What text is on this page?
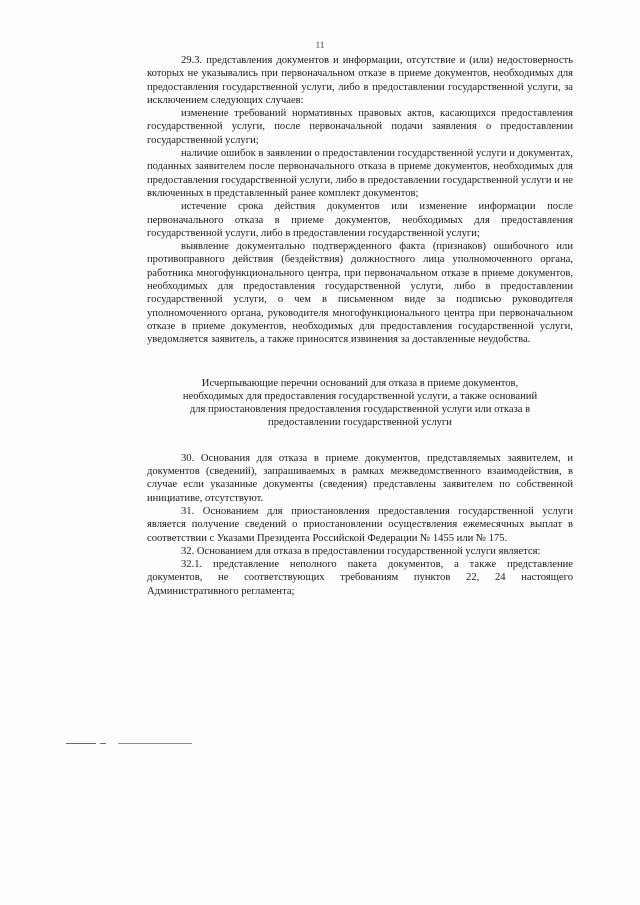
11

29.3. представления документов и информации, отсутствие и (или) недостоверность которых не указывались при первоначальном отказе в приеме документов, необходимых для предоставления государственной услуги, либо в предоставлении государственной услуги, за исключением следующих случаев:

изменение требований нормативных правовых актов, касающихся предоставления государственной услуги, после первоначальной подачи заявления о предоставлении государственной услуги;

наличие ошибок в заявлении о предоставлении государственной услуги и документах, поданных заявителем после первоначального отказа в приеме документов, необходимых для предоставления государственной услуги, либо в предоставлении государственной услуги и не включенных в представленный ранее комплект документов;

истечение срока действия документов или изменение информации после первоначального отказа в приеме документов, необходимых для предоставления государственной услуги, либо в предоставлении государственной услуги;

выявление документально подтвержденного факта (признаков) ошибочного или противоправного действия (бездействия) должностного лица уполномоченного органа, работника многофункционального центра, при первоначальном отказе в приеме документов, необходимых для предоставления государственной услуги, либо в предоставлении государственной услуги, о чем в письменном виде за подписью руководителя уполномоченного органа, руководителя многофункционального центра при первоначальном отказе в приеме документов, необходимых для предоставления государственной услуги, уведомляется заявитель, а также приносятся извинения за доставленные неудобства.

Исчерпывающие перечни оснований для отказа в приеме документов,
необходимых для предоставления государственной услуги, а также оснований
для приостановления предоставления государственной услуги или отказа в
предоставлении государственной услуги

30. Основания для отказа в приеме документов, представляемых заявителем, и документов (сведений), запрашиваемых в рамках межведомственного взаимодействия, в случае если указанные документы (сведения) представлены заявителем по собственной инициативе, отсутствуют.

31. Основанием для приостановления предоставления государственной услуги является получение сведений о приостановлении осуществления ежемесячных выплат в соответствии с Указами Президента Российской Федерации № 1455 или № 175.

32. Основанием для отказа в предоставлении государственной услуги является:

32.1. представление неполного пакета документов, а также представление документов, не соответствующих требованиям пунктов 22, 24 настоящего Административного регламента;
